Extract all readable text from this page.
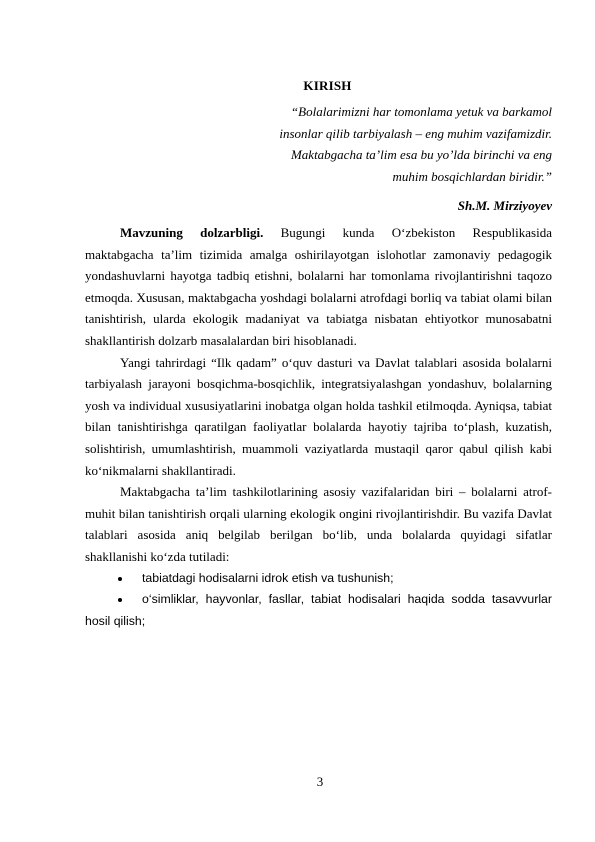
KIRISH
“Bolalarimizni har tomonlama yetuk va barkamol
insonlar qilib tarbiyalash – eng muhim vazifamizdir.
Maktabgacha ta’lim esa bu yo’lda birinchi va eng
muhim bosqichlardan biridir.”
Sh.M. Mirziyoyev

Mavzuning dolzarbligi. Bugungi kunda O‘zbekiston Respublikasida maktabgacha ta’lim tizimida amalga oshirilayotgan islohotlar zamonaviy pedagogik yondashuvlarni hayotga tadbiq etishni, bolalarni har tomonlama rivojlantirishni taqozo etmoqda. Xususan, maktabgacha yoshdagi bolalarni atrofdagi borliq va tabiat olami bilan tanishtirish, ularda ekologik madaniyat va tabiatga nisbatan ehtiyotkor munosabatni shakllantirish dolzarb masalalardan biri hisoblanadi.

Yangi tahrirdagi “Ilk qadam” o‘quv dasturi va Davlat talablari asosida bolalarni tarbiyalash jarayoni bosqichma-bosqichlik, integratsiyalashgan yondashuv, bolalarning yosh va individual xususiyatlarini inobatga olgan holda tashkil etilmoqda. Ayniqsa, tabiat bilan tanishtirishga qaratilgan faoliyatlar bolalarda hayotiy tajriba to‘plash, kuzatish, solishtirish, umumlashtirish, muammoli vaziyatlarda mustaqil qaror qabul qilish kabi ko‘nikmalarni shakllantiradi.

Maktabgacha ta’lim tashkilotlarining asosiy vazifalaridan biri – bolalarni atrof-muhit bilan tanishtirish orqali ularning ekologik ongini rivojlantirishdir. Bu vazifa Davlat talablari asosida aniq belgilab berilgan bo‘lib, unda bolalarda quyidagi sifatlar shakllanishi ko‘zda tutiladi:

tabiatdagi hodisalarni idrok etish va tushunish;
o‘simliklar, hayvonlar, fasllar, tabiat hodisalari haqida sodda tasavvurlar hosil qilish;
3
